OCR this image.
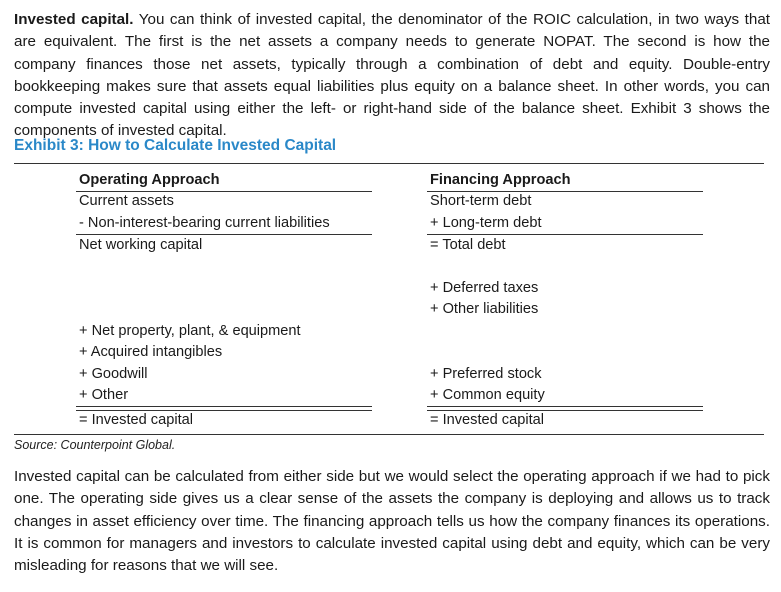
Invested capital. You can think of invested capital, the denominator of the ROIC calculation, in two ways that are equivalent. The first is the net assets a company needs to generate NOPAT. The second is how the company finances those net assets, typically through a combination of debt and equity. Double-entry bookkeeping makes sure that assets equal liabilities plus equity on a balance sheet. In other words, you can compute invested capital using either the left- or right-hand side of the balance sheet. Exhibit 3 shows the components of invested capital.

Exhibit 3: How to Calculate Invested Capital
Operating Approach
Current assets
- Non-interest-bearing current liabilities
Net working capital
+ Net property, plant, & equipment
+ Acquired intangibles
+ Goodwill
+ Other
= Invested capital
Financing Approach
Short-term debt
+ Long-term debt
= Total debt
+ Deferred taxes
+ Other liabilities
+ Preferred stock
+ Common equity
= Invested capital
Source: Counterpoint Global.

Invested capital can be calculated from either side but we would select the operating approach if we had to pick one. The operating side gives us a clear sense of the assets the company is deploying and allows us to track changes in asset efficiency over time. The financing approach tells us how the company finances its operations. It is common for managers and investors to calculate invested capital using debt and equity, which can be very misleading for reasons that we will see.
